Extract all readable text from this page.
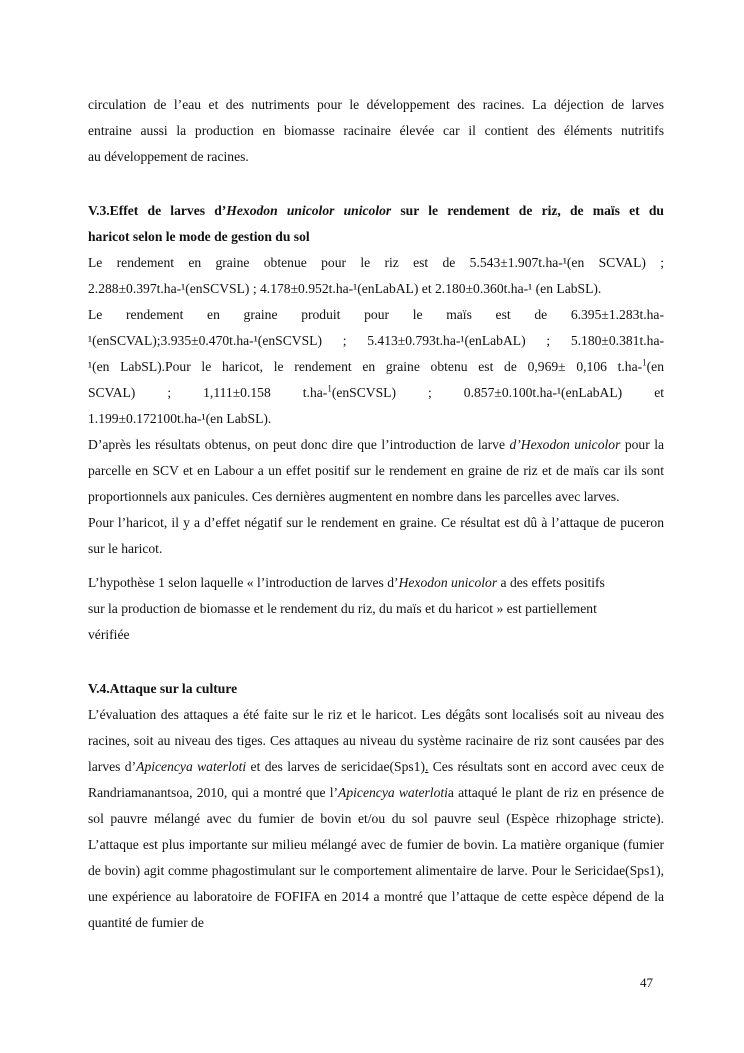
circulation de l’eau et des nutriments pour le développement des racines. La déjection de larves
entraine aussi la production en biomasse racinaire élevée car il contient des éléments nutritifs
au développement de racines.

V.3.Effet de larves d’Hexodon unicolor unicolor sur le rendement de riz, de maïs et du
haricot selon le mode de gestion du sol

Le rendement en graine obtenue pour le riz est de 5.543±1.907t.ha-¹(en SCVAL) ;
2.288±0.397t.ha-¹(enSCVSL) ; 4.178±0.952t.ha-¹(enLabAL) et 2.180±0.360t.ha-¹ (en LabSL).

Le rendement en graine produit pour le maïs est de 6.395±1.283t.ha-
¹(enSCVAL);3.935±0.470t.ha-¹(enSCVSL) ; 5.413±0.793t.ha-¹(enLabAL) ; 5.180±0.381t.ha-
¹(en LabSL).Pour le haricot, le rendement en graine obtenu est de 0,969± 0,106 t.ha-$^1$(en
SCVAL) ; 1,111±0.158 t.ha-$^1$(enSCVSL) ; 0.857±0.100t.ha-¹(enLabAL) et
1.199±0.172100t.ha-¹(en LabSL).

D’après les résultats obtenus, on peut donc dire que l’introduction de larve d’Hexodon unicolor pour la parcelle en SCV et en Labour a un effet positif sur le rendement en graine de riz et de maïs car ils sont proportionnels aux panicules. Ces dernières augmentent en nombre dans les parcelles avec larves.

Pour l’haricot, il y a d’effet négatif sur le rendement en graine. Ce résultat est dû à l’attaque de puceron sur le haricot.

L’hypothèse 1 selon laquelle « l’introduction de larves d’Hexodon unicolor a des effets positifs
sur la production de biomasse et le rendement du riz, du maïs et du haricot » est partiellement
vérifiée

V.4.Attaque sur la culture

L’évaluation des attaques a été faite sur le riz et le haricot. Les dégâts sont localisés soit au niveau des racines, soit au niveau des tiges. Ces attaques au niveau du système racinaire de riz sont causées par des larves d’Apicencya waterloti et des larves de sericidae(Sps1). Ces résultats sont en accord avec ceux de Randriamanantsoa, 2010, qui a montré que l’Apicencya waterlotia attaqué le plant de riz en présence de sol pauvre mélangé avec du fumier de bovin et/ou du sol pauvre seul (Espèce rhizophage stricte). L’attaque est plus importante sur milieu mélangé avec de fumier de bovin. La matière organique (fumier de bovin) agit comme phagostimulant sur le comportement alimentaire de larve. Pour le Sericidae(Sps1), une expérience au laboratoire de FOFIFA en 2014 a montré que l’attaque de cette espèce dépend de la quantité de fumier de

47
